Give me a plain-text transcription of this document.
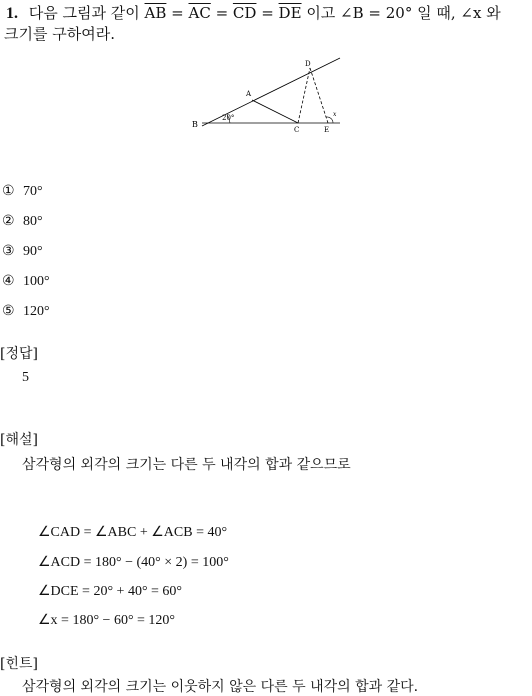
1. 다음 그림과 같이 $\overline{AB} = \overline{AC} = \overline{CD} = \overline{DE}$ 이고 ∠B = 20° 일 때, ∠x 와
크기를 구하여라.
B
A
C
D
E
20°	x
① 70°
② 80°
③ 90°
④ 100°
⑤ 120°
[정답]
5
[해설]
삼각형의 외각의 크기는 다른 두 내각의 합과 같으므로
∠CAD = ∠ABC + ∠ACB = 40°
∠ACD = 180° − (40° × 2) = 100°
∠DCE = 20° + 40° = 60°
∠x = 180° − 60° = 120°
[힌트]
삼각형의 외각의 크기는 이웃하지 않은 다른 두 내각의 합과 같다.
